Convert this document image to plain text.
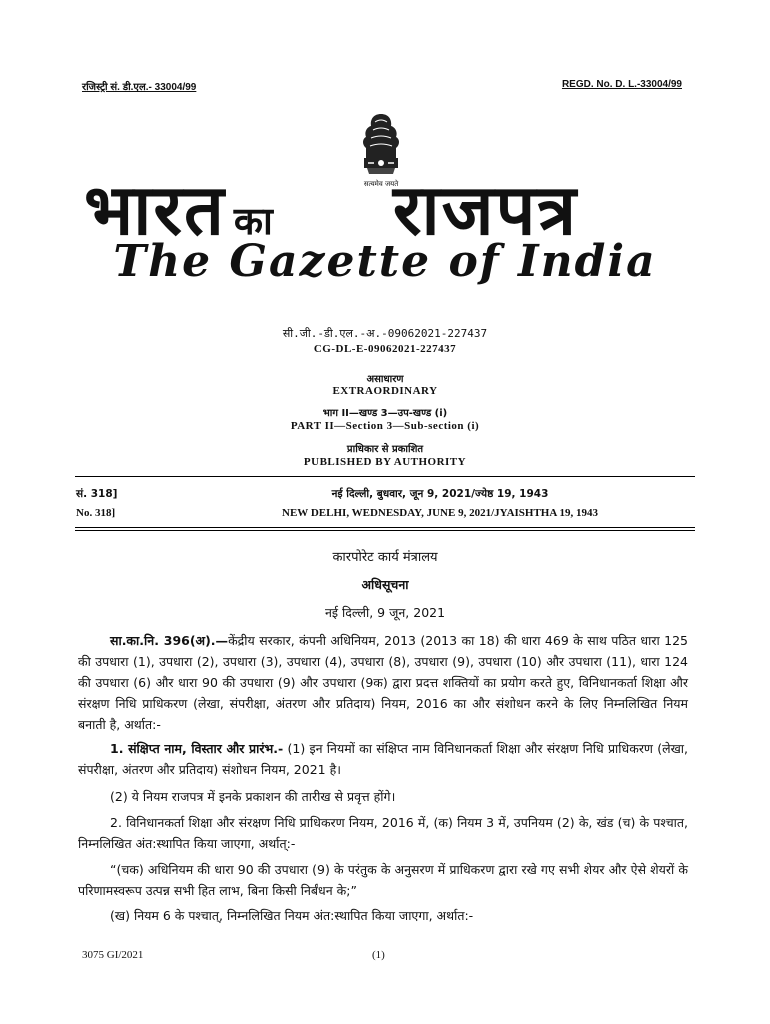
रजिस्ट्री सं. डी.एल.- 33004/99	REGD. No. D. L.-33004/99
सत्यमेव जयते
भारत का राजपत्र
The Gazette of India
सी.जी.-डी.एल.-अ.-09062021-227437
CG-DL-E-09062021-227437
असाधारण
EXTRAORDINARY
भाग II—खण्ड 3—उप-खण्ड (i)
PART II—Section 3—Sub-section (i)
प्राधिकार से प्रकाशित
PUBLISHED BY AUTHORITY
सं. 318]	नई दिल्ली, बुधवार, जून 9, 2021/ज्येष्ठ 19, 1943
No. 318]	NEW DELHI, WEDNESDAY, JUNE 9, 2021/JYAISHTHA 19, 1943
कारपोरेट कार्य मंत्रालय
अधिसूचना
नई दिल्ली, 9 जून, 2021
सा.का.नि. 396(अ).—केंद्रीय सरकार, कंपनी अधिनियम, 2013 (2013 का 18) की धारा 469 के साथ पठित धारा 125 की उपधारा (1), उपधारा (2), उपधारा (3), उपधारा (4), उपधारा (8), उपधारा (9), उपधारा (10) और उपधारा (11), धारा 124 की उपधारा (6) और धारा 90 की उपधारा (9) और उपधारा (9क) द्वारा प्रदत्त शक्तियों का प्रयोग करते हुए, विनिधानकर्ता शिक्षा और संरक्षण निधि प्राधिकरण (लेखा, संपरीक्षा, अंतरण और प्रतिदाय) नियम, 2016 का और संशोधन करने के लिए निम्नलिखित नियम बनाती है, अर्थात:-
1. संक्षिप्त नाम, विस्तार और प्रारंभ.- (1) इन नियमों का संक्षिप्त नाम विनिधानकर्ता शिक्षा और संरक्षण निधि प्राधिकरण (लेखा, संपरीक्षा, अंतरण और प्रतिदाय) संशोधन नियम, 2021 है।
(2) ये नियम राजपत्र में इनके प्रकाशन की तारीख से प्रवृत्त होंगे।
2. विनिधानकर्ता शिक्षा और संरक्षण निधि प्राधिकरण नियम, 2016 में, (क) नियम 3 में, उपनियम (2) के, खंड (च) के पश्चात, निम्नलिखित अंत:स्थापित किया जाएगा, अर्थात्:-
“(चक) अधिनियम की धारा 90 की उपधारा (9) के परंतुक के अनुसरण में प्राधिकरण द्वारा रखे गए सभी शेयर और ऐसे शेयरों के परिणामस्वरूप उत्पन्न सभी हित लाभ, बिना किसी निर्बंधन के;”
(ख) नियम 6 के पश्चात्, निम्नलिखित नियम अंत:स्थापित किया जाएगा, अर्थात:-
3075 GI/2021	(1)
